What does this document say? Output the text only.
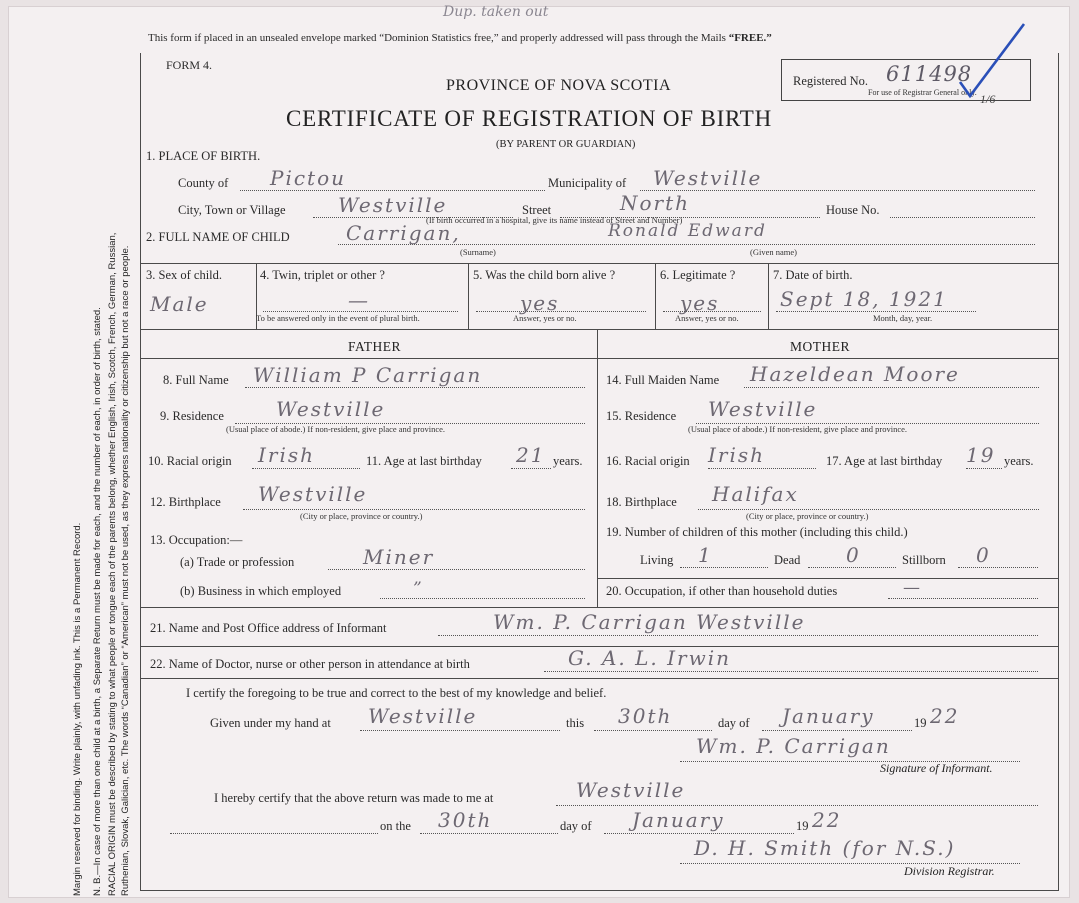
Dup. taken out
This form if placed in an unsealed envelope marked “Dominion Statistics free,” and properly addressed will pass through the Mails “FREE.”
FORM 4.
PROVINCE OF NOVA SCOTIA
CERTIFICATE OF REGISTRATION OF BIRTH
(BY PARENT OR GUARDIAN)
Registered No. 611498
For use of Registrar General only. 1/6
Margin reserved for binding. Write plainly, with unfading ink. This is a Permanent Record. N. B.—In case of more than one child at a birth, a Separate Return must be made for each, and the number of each, in order of birth, stated. RACIAL ORIGIN must be described by stating to what people or tongue each of the parents belong, whether English, Irish, Scotch, French, German, Russian, Ruthenian, Slovak, Galician, etc. The words “Canadian” or “American” must not be used, as they express nationality or citizenship but not a race or people.
1. PLACE OF BIRTH.
County of Pictou	Municipality of Westville
City, Town or Village	Westville	Street	North	House No.
(If birth occurred in a hospital, give its name instead of Street and Number)
2. FULL NAME OF CHILD	Carrigan,	Ronald Edward
(Surname)	(Given name)
3. Sex of child.
Male
4. Twin, triplet or other ?
—
To be answered only in the event of plural birth.
5. Was the child born alive ?
yes
Answer, yes or no.
6. Legitimate ?
yes
Answer, yes or no.
7. Date of birth.
Sept 18, 1921
Month, day, year.
FATHER	MOTHER
8. Full Name William P Carrigan
9. Residence	Westville
(Usual place of abode.) If non-resident, give place and province.
10. Racial origin Irish	11. Age at last birthday 21 years.
12. Birthplace Westville
(City or place, province or country.)
13. Occupation:—
(a) Trade or profession	Miner
(b) Business in which employed	”
14. Full Maiden Name Hazeldean Moore
15. Residence Westville
(Usual place of abode.) If non-resident, give place and province.
16. Racial origin Irish	17. Age at last birthday 19 years.
18. Birthplace Halifax
(City or place, province or country.)
19. Number of children of this mother (including this child.)
Living 1	Dead 0	Stillborn 0
20. Occupation, if other than household duties	—
21. Name and Post Office address of Informant	Wm. P. Carrigan Westville
22. Name of Doctor, nurse or other person in attendance at birth	G. A. L. Irwin
I certify the foregoing to be true and correct to the best of my knowledge and belief.
Given under my hand at Westville	this 30th	day of January	19 22
Wm. P. Carrigan
Signature of Informant.
I hereby certify that the above return was made to me at	Westville
on the 30th	day of January	19 22
D. H. Smith (for N.S.)
Division Registrar.
